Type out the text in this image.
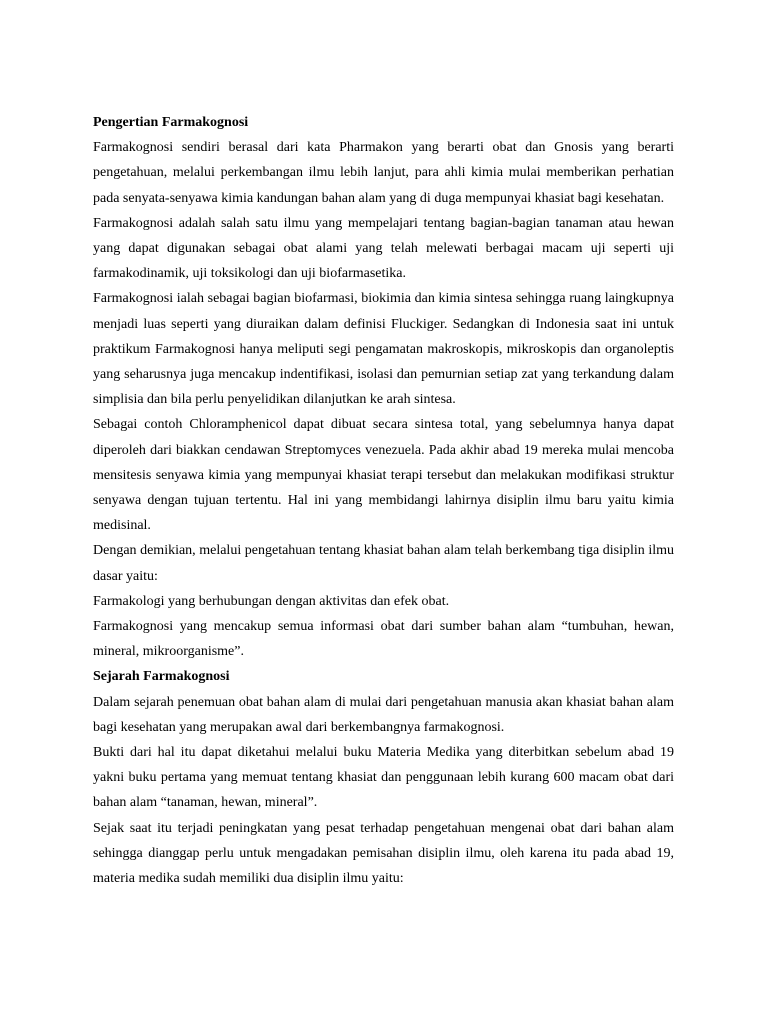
Pengertian Farmakognosi

Farmakognosi sendiri berasal dari kata Pharmakon yang berarti obat dan Gnosis yang berarti pengetahuan, melalui perkembangan ilmu lebih lanjut, para ahli kimia mulai memberikan perhatian pada senyata-senyawa kimia kandungan bahan alam yang di duga mempunyai khasiat bagi kesehatan.

Farmakognosi adalah salah satu ilmu yang mempelajari tentang bagian-bagian tanaman atau hewan yang dapat digunakan sebagai obat alami yang telah melewati berbagai macam uji seperti uji farmakodinamik, uji toksikologi dan uji biofarmasetika.

Farmakognosi ialah sebagai bagian biofarmasi, biokimia dan kimia sintesa sehingga ruang laingkupnya menjadi luas seperti yang diuraikan dalam definisi Fluckiger. Sedangkan di Indonesia saat ini untuk praktikum Farmakognosi hanya meliputi segi pengamatan makroskopis, mikroskopis dan organoleptis yang seharusnya juga mencakup indentifikasi, isolasi dan pemurnian setiap zat yang terkandung dalam simplisia dan bila perlu penyelidikan dilanjutkan ke arah sintesa.

Sebagai contoh Chloramphenicol dapat dibuat secara sintesa total, yang sebelumnya hanya dapat diperoleh dari biakkan cendawan Streptomyces venezuela. Pada akhir abad 19 mereka mulai mencoba mensitesis senyawa kimia yang mempunyai khasiat terapi tersebut dan melakukan modifikasi struktur senyawa dengan tujuan tertentu. Hal ini yang membidangi lahirnya disiplin ilmu baru yaitu kimia medisinal.

Dengan demikian, melalui pengetahuan tentang khasiat bahan alam telah berkembang tiga disiplin ilmu dasar yaitu:

Farmakologi yang berhubungan dengan aktivitas dan efek obat.

Farmakognosi yang mencakup semua informasi obat dari sumber bahan alam “tumbuhan, hewan, mineral, mikroorganisme”.

Sejarah Farmakognosi

Dalam sejarah penemuan obat bahan alam di mulai dari pengetahuan manusia akan khasiat bahan alam bagi kesehatan yang merupakan awal dari berkembangnya farmakognosi.

Bukti dari hal itu dapat diketahui melalui buku Materia Medika yang diterbitkan sebelum abad 19 yakni buku pertama yang memuat tentang khasiat dan penggunaan lebih kurang 600 macam obat dari bahan alam “tanaman, hewan, mineral”.

Sejak saat itu terjadi peningkatan yang pesat terhadap pengetahuan mengenai obat dari bahan alam sehingga dianggap perlu untuk mengadakan pemisahan disiplin ilmu, oleh karena itu pada abad 19, materia medika sudah memiliki dua disiplin ilmu yaitu:
